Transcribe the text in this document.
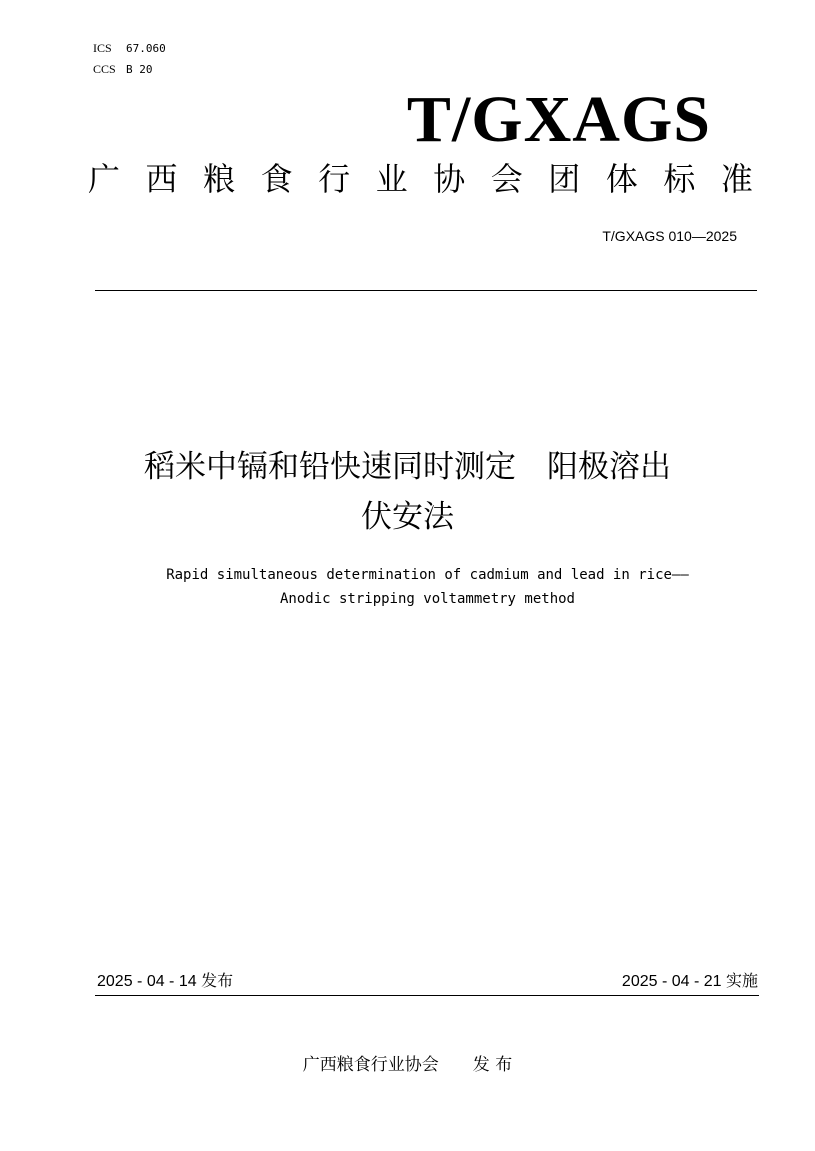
ICS 67.060
CCS B 20
T/GXAGS
广 西 粮 食 行 业 协 会 团 体 标 准
T/GXAGS 010—2025
稻米中镉和铅快速同时测定　阳极溶出
伏安法
Rapid simultaneous determination of cadmium and lead in rice——
Anodic stripping voltammetry method
2025 - 04 - 14 发布	2025 - 04 - 21 实施
广西粮食行业协会　　发 布
